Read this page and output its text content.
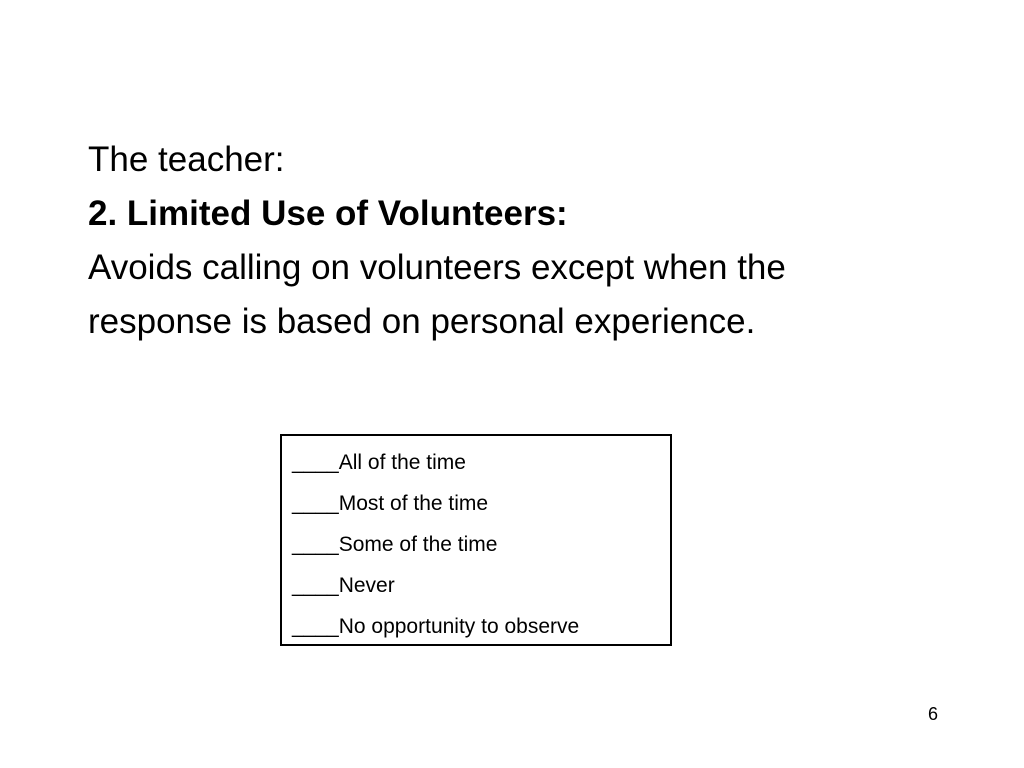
The teacher:
2. Limited Use of Volunteers:
Avoids calling on volunteers except when the
response is based on personal experience.
____All of the time
____Most of the time
____Some of the time
____Never
____No opportunity to observe
6
